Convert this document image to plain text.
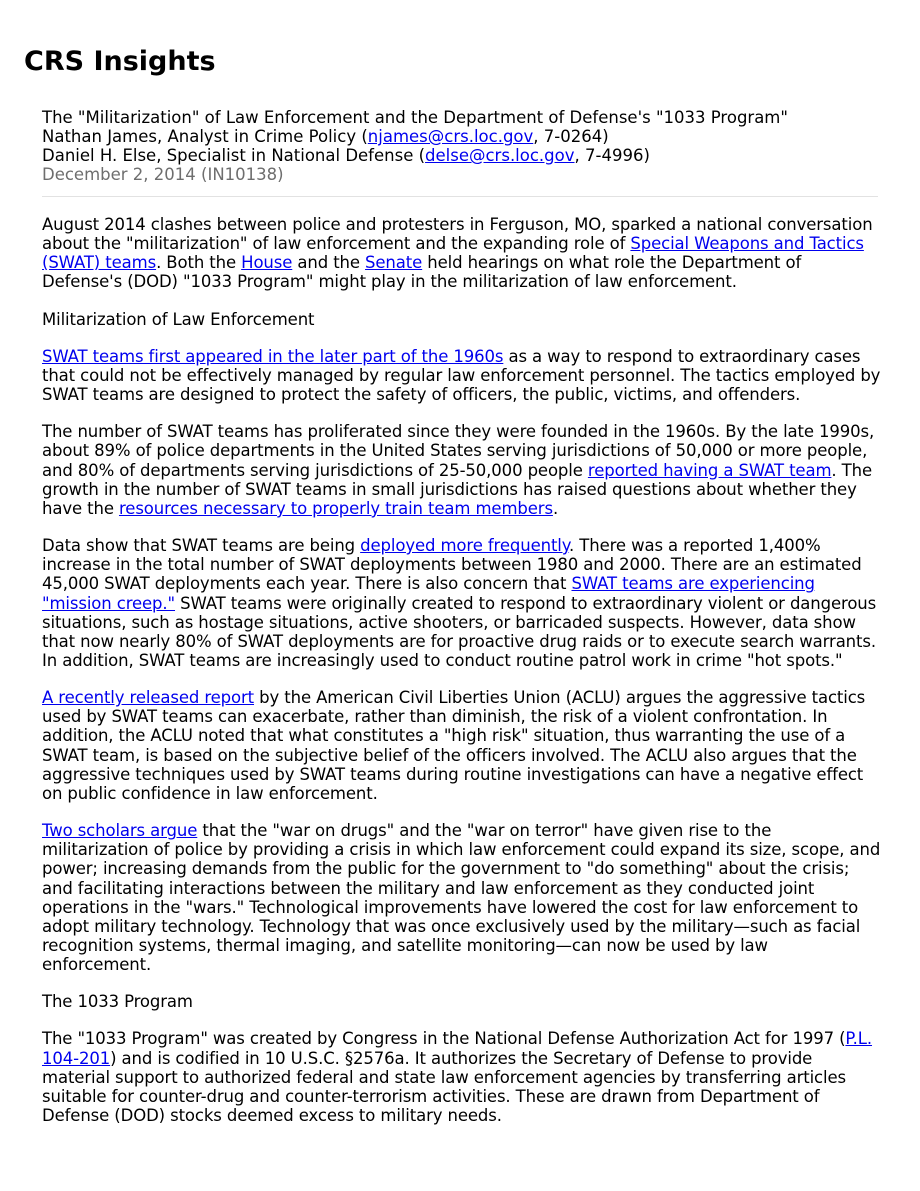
CRS Insights
The "Militarization" of Law Enforcement and the Department of Defense's "1033 Program"
Nathan James, Analyst in Crime Policy (njames@crs.loc.gov, 7-0264)
Daniel H. Else, Specialist in National Defense (delse@crs.loc.gov, 7-4996)
December 2, 2014 (IN10138)

August 2014 clashes between police and protesters in Ferguson, MO, sparked a national conversation about the "militarization" of law enforcement and the expanding role of Special Weapons and Tactics (SWAT) teams. Both the House and the Senate held hearings on what role the Department of Defense's (DOD) "1033 Program" might play in the militarization of law enforcement.

Militarization of Law Enforcement

SWAT teams first appeared in the later part of the 1960s as a way to respond to extraordinary cases that could not be effectively managed by regular law enforcement personnel. The tactics employed by SWAT teams are designed to protect the safety of officers, the public, victims, and offenders.

The number of SWAT teams has proliferated since they were founded in the 1960s. By the late 1990s, about 89% of police departments in the United States serving jurisdictions of 50,000 or more people, and 80% of departments serving jurisdictions of 25-50,000 people reported having a SWAT team. The growth in the number of SWAT teams in small jurisdictions has raised questions about whether they have the resources necessary to properly train team members.

Data show that SWAT teams are being deployed more frequently. There was a reported 1,400% increase in the total number of SWAT deployments between 1980 and 2000. There are an estimated 45,000 SWAT deployments each year. There is also concern that SWAT teams are experiencing "mission creep." SWAT teams were originally created to respond to extraordinary violent or dangerous situations, such as hostage situations, active shooters, or barricaded suspects. However, data show that now nearly 80% of SWAT deployments are for proactive drug raids or to execute search warrants. In addition, SWAT teams are increasingly used to conduct routine patrol work in crime "hot spots."

A recently released report by the American Civil Liberties Union (ACLU) argues the aggressive tactics used by SWAT teams can exacerbate, rather than diminish, the risk of a violent confrontation. In addition, the ACLU noted that what constitutes a "high risk" situation, thus warranting the use of a SWAT team, is based on the subjective belief of the officers involved. The ACLU also argues that the aggressive techniques used by SWAT teams during routine investigations can have a negative effect on public confidence in law enforcement.

Two scholars argue that the "war on drugs" and the "war on terror" have given rise to the militarization of police by providing a crisis in which law enforcement could expand its size, scope, and power; increasing demands from the public for the government to "do something" about the crisis; and facilitating interactions between the military and law enforcement as they conducted joint operations in the "wars." Technological improvements have lowered the cost for law enforcement to adopt military technology. Technology that was once exclusively used by the military—such as facial recognition systems, thermal imaging, and satellite monitoring—can now be used by law enforcement.

The 1033 Program

The "1033 Program" was created by Congress in the National Defense Authorization Act for 1997 (P.L. 104-201) and is codified in 10 U.S.C. §2576a. It authorizes the Secretary of Defense to provide material support to authorized federal and state law enforcement agencies by transferring articles suitable for counter-drug and counter-terrorism activities. These are drawn from Department of Defense (DOD) stocks deemed excess to military needs.
